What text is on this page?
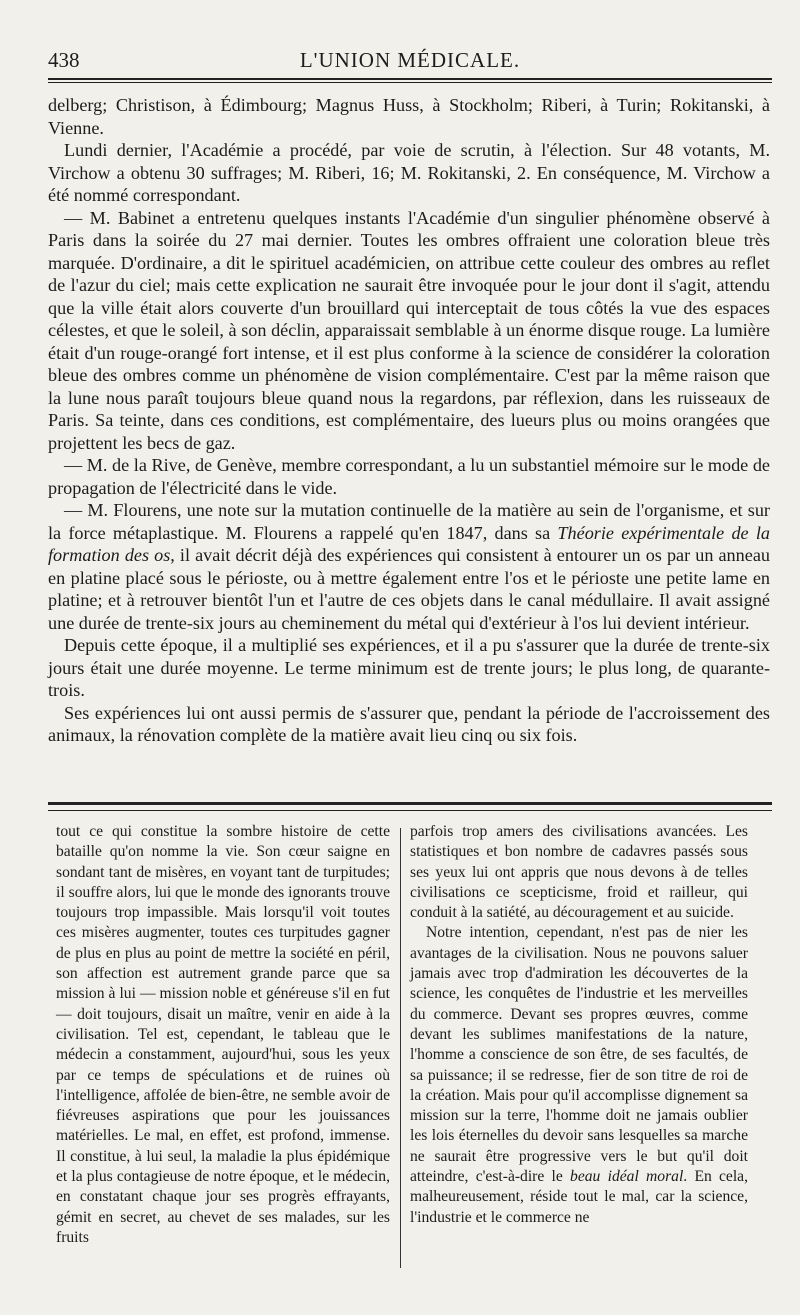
438	L'UNION MÉDICALE.

delberg; Christison, à Édimbourg; Magnus Huss, à Stockholm; Riberi, à Turin; Rokitanski, à Vienne.

Lundi dernier, l'Académie a procédé, par voie de scrutin, à l'élection. Sur 48 votants, M. Virchow a obtenu 30 suffrages; M. Riberi, 16; M. Rokitanski, 2. En conséquence, M. Virchow a été nommé correspondant.

— M. Babinet a entretenu quelques instants l'Académie d'un singulier phénomène observé à Paris dans la soirée du 27 mai dernier. Toutes les ombres offraient une coloration bleue très marquée. D'ordinaire, a dit le spirituel académicien, on attribue cette couleur des ombres au reflet de l'azur du ciel; mais cette explication ne saurait être invoquée pour le jour dont il s'agit, attendu que la ville était alors couverte d'un brouillard qui interceptait de tous côtés la vue des espaces célestes, et que le soleil, à son déclin, apparaissait semblable à un énorme disque rouge. La lumière était d'un rouge-orangé fort intense, et il est plus conforme à la science de considérer la coloration bleue des ombres comme un phénomène de vision complémentaire. C'est par la même raison que la lune nous paraît toujours bleue quand nous la regardons, par réflexion, dans les ruisseaux de Paris. Sa teinte, dans ces conditions, est complémentaire, des lueurs plus ou moins orangées que projettent les becs de gaz.

— M. de la Rive, de Genève, membre correspondant, a lu un substantiel mémoire sur le mode de propagation de l'électricité dans le vide.

— M. Flourens, une note sur la mutation continuelle de la matière au sein de l'organisme, et sur la force métaplastique. M. Flourens a rappelé qu'en 1847, dans sa Théorie expérimentale de la formation des os, il avait décrit déjà des expériences qui consistent à entourer un os par un anneau en platine placé sous le périoste, ou à mettre également entre l'os et le périoste une petite lame en platine; et à retrouver bientôt l'un et l'autre de ces objets dans le canal médullaire. Il avait assigné une durée de trente-six jours au cheminement du métal qui d'extérieur à l'os lui devient intérieur.

Depuis cette époque, il a multiplié ses expériences, et il a pu s'assurer que la durée de trente-six jours était une durée moyenne. Le terme minimum est de trente jours; le plus long, de quarante-trois.

Ses expériences lui ont aussi permis de s'assurer que, pendant la période de l'accroissement des animaux, la rénovation complète de la matière avait lieu cinq ou six fois.

tout ce qui constitue la sombre histoire de cette bataille qu'on nomme la vie. Son cœur saigne en sondant tant de misères, en voyant tant de turpitudes; il souffre alors, lui que le monde des ignorants trouve toujours trop impassible. Mais lorsqu'il voit toutes ces misères augmenter, toutes ces turpitudes gagner de plus en plus au point de mettre la société en péril, son affection est autrement grande parce que sa mission à lui — mission noble et généreuse s'il en fut — doit toujours, disait un maître, venir en aide à la civilisation. Tel est, cependant, le tableau que le médecin a constamment, aujourd'hui, sous les yeux par ce temps de spéculations et de ruines où l'intelligence, affolée de bien-être, ne semble avoir de fiévreuses aspirations que pour les jouissances matérielles. Le mal, en effet, est profond, immense. Il constitue, à lui seul, la maladie la plus épidémique et la plus contagieuse de notre époque, et le médecin, en constatant chaque jour ses progrès effrayants, gémit en secret, au chevet de ses malades, sur les fruits

parfois trop amers des civilisations avancées. Les statistiques et bon nombre de cadavres passés sous ses yeux lui ont appris que nous devons à de telles civilisations ce scepticisme, froid et railleur, qui conduit à la satiété, au découragement et au suicide.

Notre intention, cependant, n'est pas de nier les avantages de la civilisation. Nous ne pouvons saluer jamais avec trop d'admiration les découvertes de la science, les conquêtes de l'industrie et les merveilles du commerce. Devant ses propres œuvres, comme devant les sublimes manifestations de la nature, l'homme a conscience de son être, de ses facultés, de sa puissance; il se redresse, fier de son titre de roi de la création. Mais pour qu'il accomplisse dignement sa mission sur la terre, l'homme doit ne jamais oublier les lois éternelles du devoir sans lesquelles sa marche ne saurait être progressive vers le but qu'il doit atteindre, c'est-à-dire le beau idéal moral. En cela, malheureusement, réside tout le mal, car la science, l'industrie et le commerce ne
